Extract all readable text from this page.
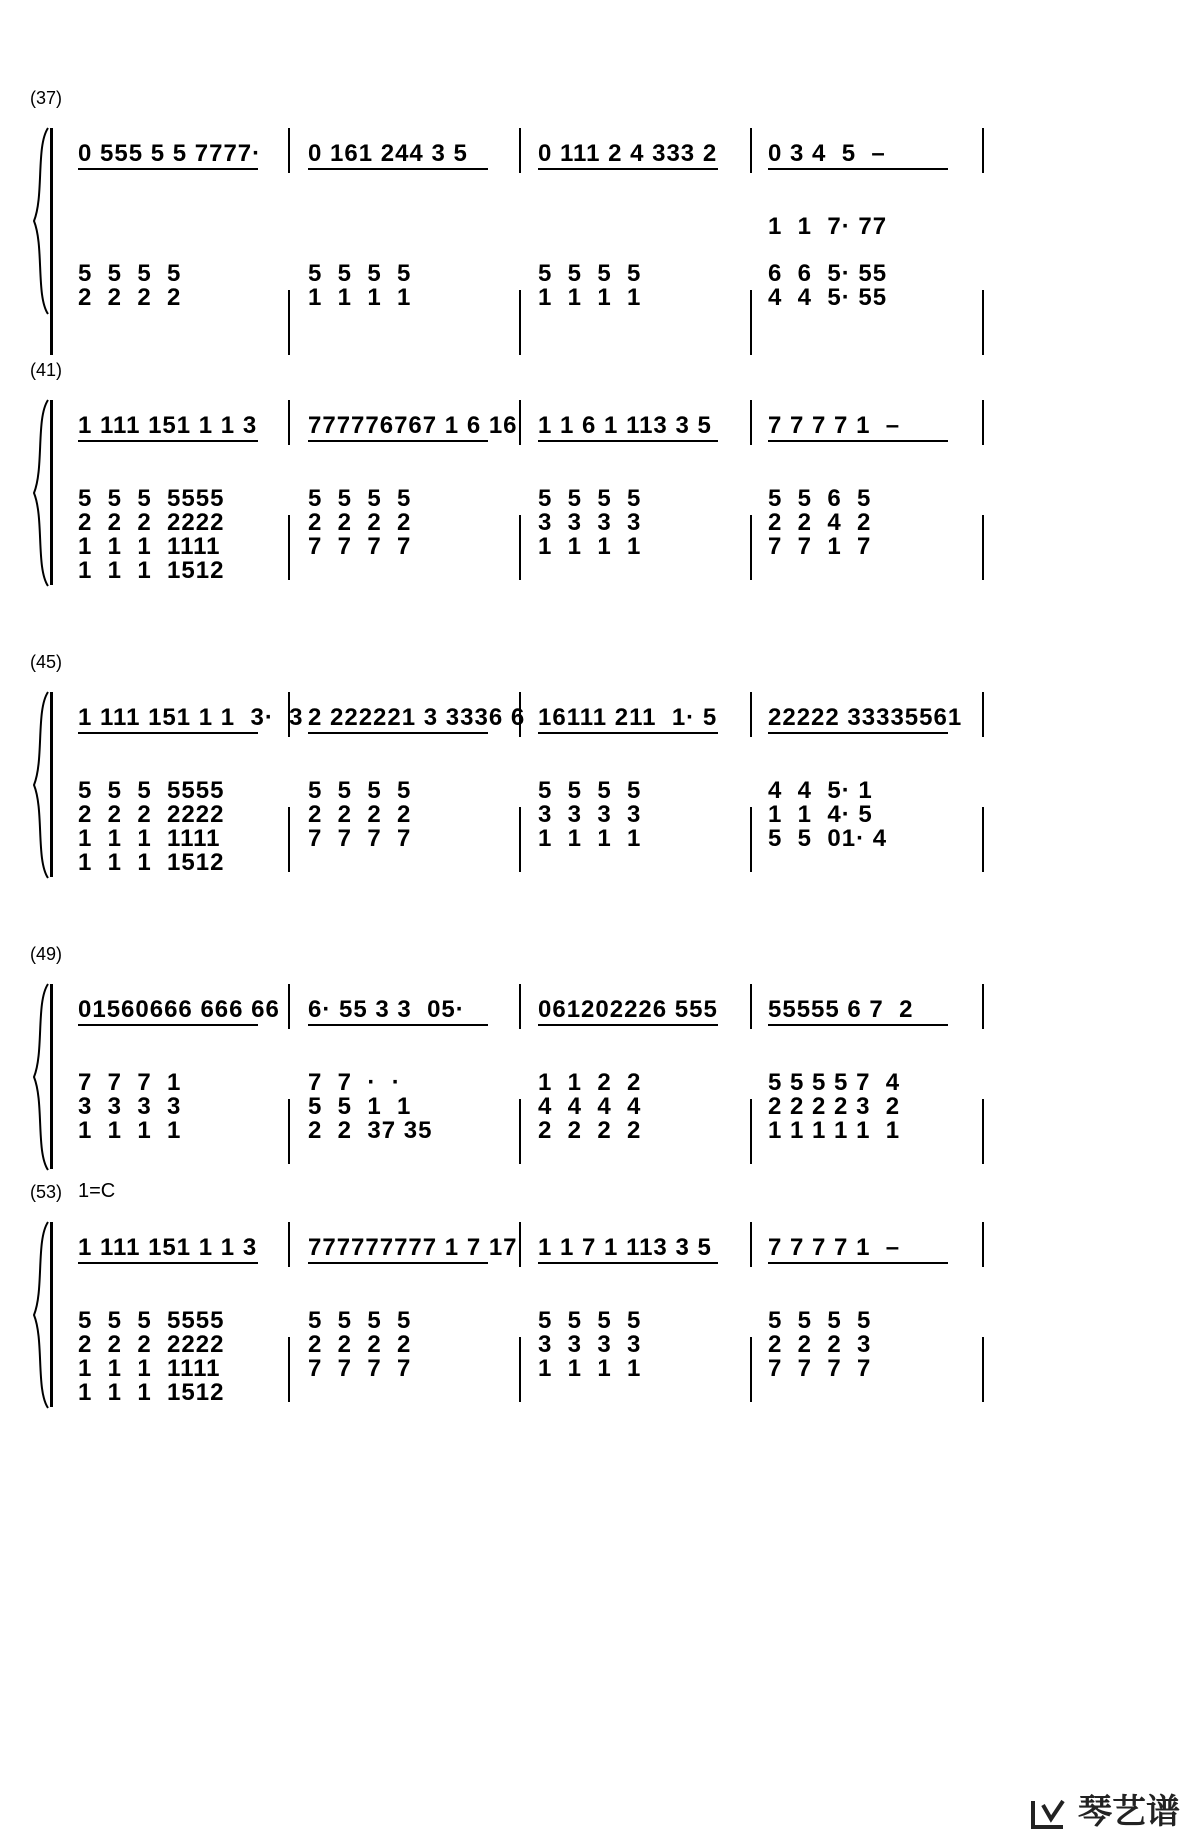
(37)
0 555 5 5 7777·
5  5  5  5
2  2  2  2
0 161 244 3 5
5  5  5  5
1  1  1  1
0 111 2 4 333 2
5  5  5  5
1  1  1  1
0 3 4  5  –
1  1  7· 77
6  6  5· 55
4  4  5· 55
(41)
1 111 151 1 1 3
5  5  5  5555
2  2  2  2222
1  1  1  1111
1  1  1  1512
777776767 1 6 16
5  5  5  5
2  2  2  2
7  7  7  7
1 1 6 1 113 3 5
5  5  5  5
3  3  3  3
1  1  1  1
7 7 7 7 1  –
5  5  6  5
2  2  4  2
7  7  1  7
(45)
1 111 151 1 1  3·  3
5  5  5  5555
2  2  2  2222
1  1  1  1111
1  1  1  1512
2 222221 3 3336 6
5  5  5  5
2  2  2  2
7  7  7  7
16111 211  1· 5
5  5  5  5
3  3  3  3
1  1  1  1
22222 33335561
4  4  5· 1
1  1  4· 5
5  5  01· 4
(49)
01560666 666 66
7  7  7  1
3  3  3  3
1  1  1  1
6· 55 3 3  05·
7  7  ·  ·
5  5  1  1
2  2  37 35
061202226 555
1  1  2  2
4  4  4  4
2  2  2  2
55555 6 7  2
5 5 5 5 7  4
2 2 2 2 3  2
1 1 1 1 1  1
(53) 1=C
1 111 151 1 1 3
5  5  5  5555
2  2  2  2222
1  1  1  1111
1  1  1  1512
777777777 1 7 17
5  5  5  5
2  2  2  2
7  7  7  7
1 1 7 1 113 3 5
5  5  5  5
3  3  3  3
1  1  1  1
7 7 7 7 1  –
5  5  5  5
2  2  2  3
7  7  7  7
琴艺谱
